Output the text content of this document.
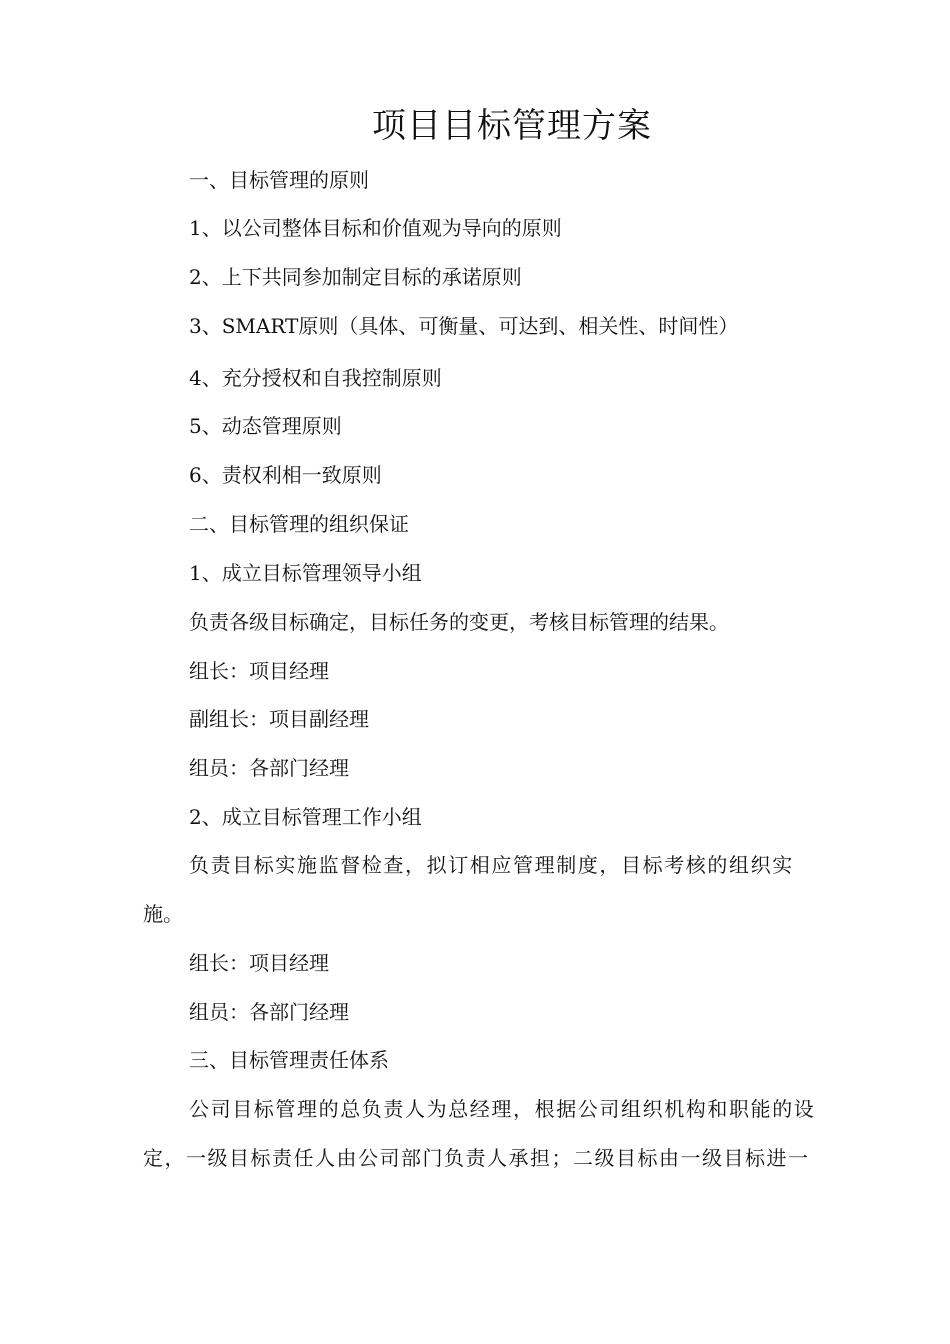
项目目标管理方案

一、目标管理的原则

1、以公司整体目标和价值观为导向的原则

2、上下共同参加制定目标的承诺原则

3、SMART原则（具体、可衡量、可达到、相关性、时间性）

4、充分授权和自我控制原则

5、动态管理原则

6、责权利相一致原则

二、目标管理的组织保证

1、成立目标管理领导小组

负责各级目标确定，目标任务的变更，考核目标管理的结果。

组长：项目经理

副组长：项目副经理

组员：各部门经理

2、成立目标管理工作小组

负责目标实施监督检查，拟订相应管理制度，目标考核的组织实

施。

组长：项目经理

组员：各部门经理

三、目标管理责任体系

公司目标管理的总负责人为总经理，根据公司组织机构和职能的设

定，一级目标责任人由公司部门负责人承担；二级目标由一级目标进一
